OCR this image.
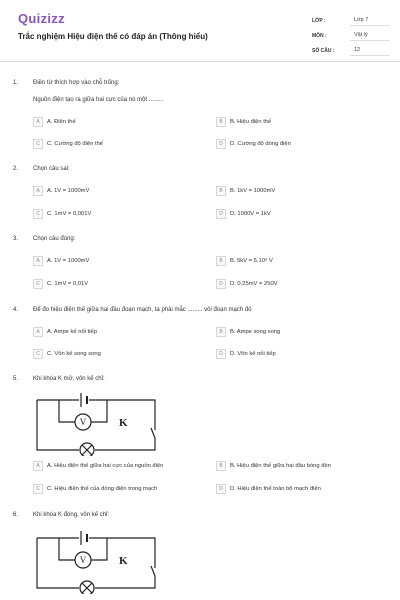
Quizizz
Trắc nghiệm Hiệu điện thế có đáp án (Thông hiểu)
LỚP :	Lớp 7
MÔN :	Vật lý
SỐ CÂU :	12
1. Điền từ thích hợp vào chỗ trống:
Nguồn điện tạo ra giữa hai cực của nó một .........
A	A. Điện thế	B	B. Hiệu điện thế
C	C. Cường độ điện thế	D	D. Cường độ dòng điện
2. Chọn câu sai:
A	A. 1V = 1000mV	B	B. 1kV = 1000mV
C	C. 1mV = 0,001V	D	D. 1000V = 1kV
3. Chọn câu đúng:
A	A. 1V = 1000mV	B	B. 5kV = 5,10⁶ V
C	C. 1mV = 0,01V	D	D. 0,25mV = 250V
4. Để đo hiệu điện thế giữa hai đầu đoạn mạch, ta phải mắc ......... vôi đoạn mạch đó
A	A. Ampe kế nối tiếp	B	B. Ampe song song
C	C. Vôn kế song song	D	D. Vôn kế nối tiếp
5. Khi khóa K mở, vôn kế chỉ:
V	K
A	A. Hiệu điện thế giữa hai cực của nguồn điện	B	B. Hiệu điện thế giữa hai đầu bóng đèn
C	C. Hiệu điện thế của dòng điện trong mạch	D	D. Hiệu điện thế toàn bộ mạch điện
6. Khi khóa K đóng, vôn kế chỉ:
V	K
